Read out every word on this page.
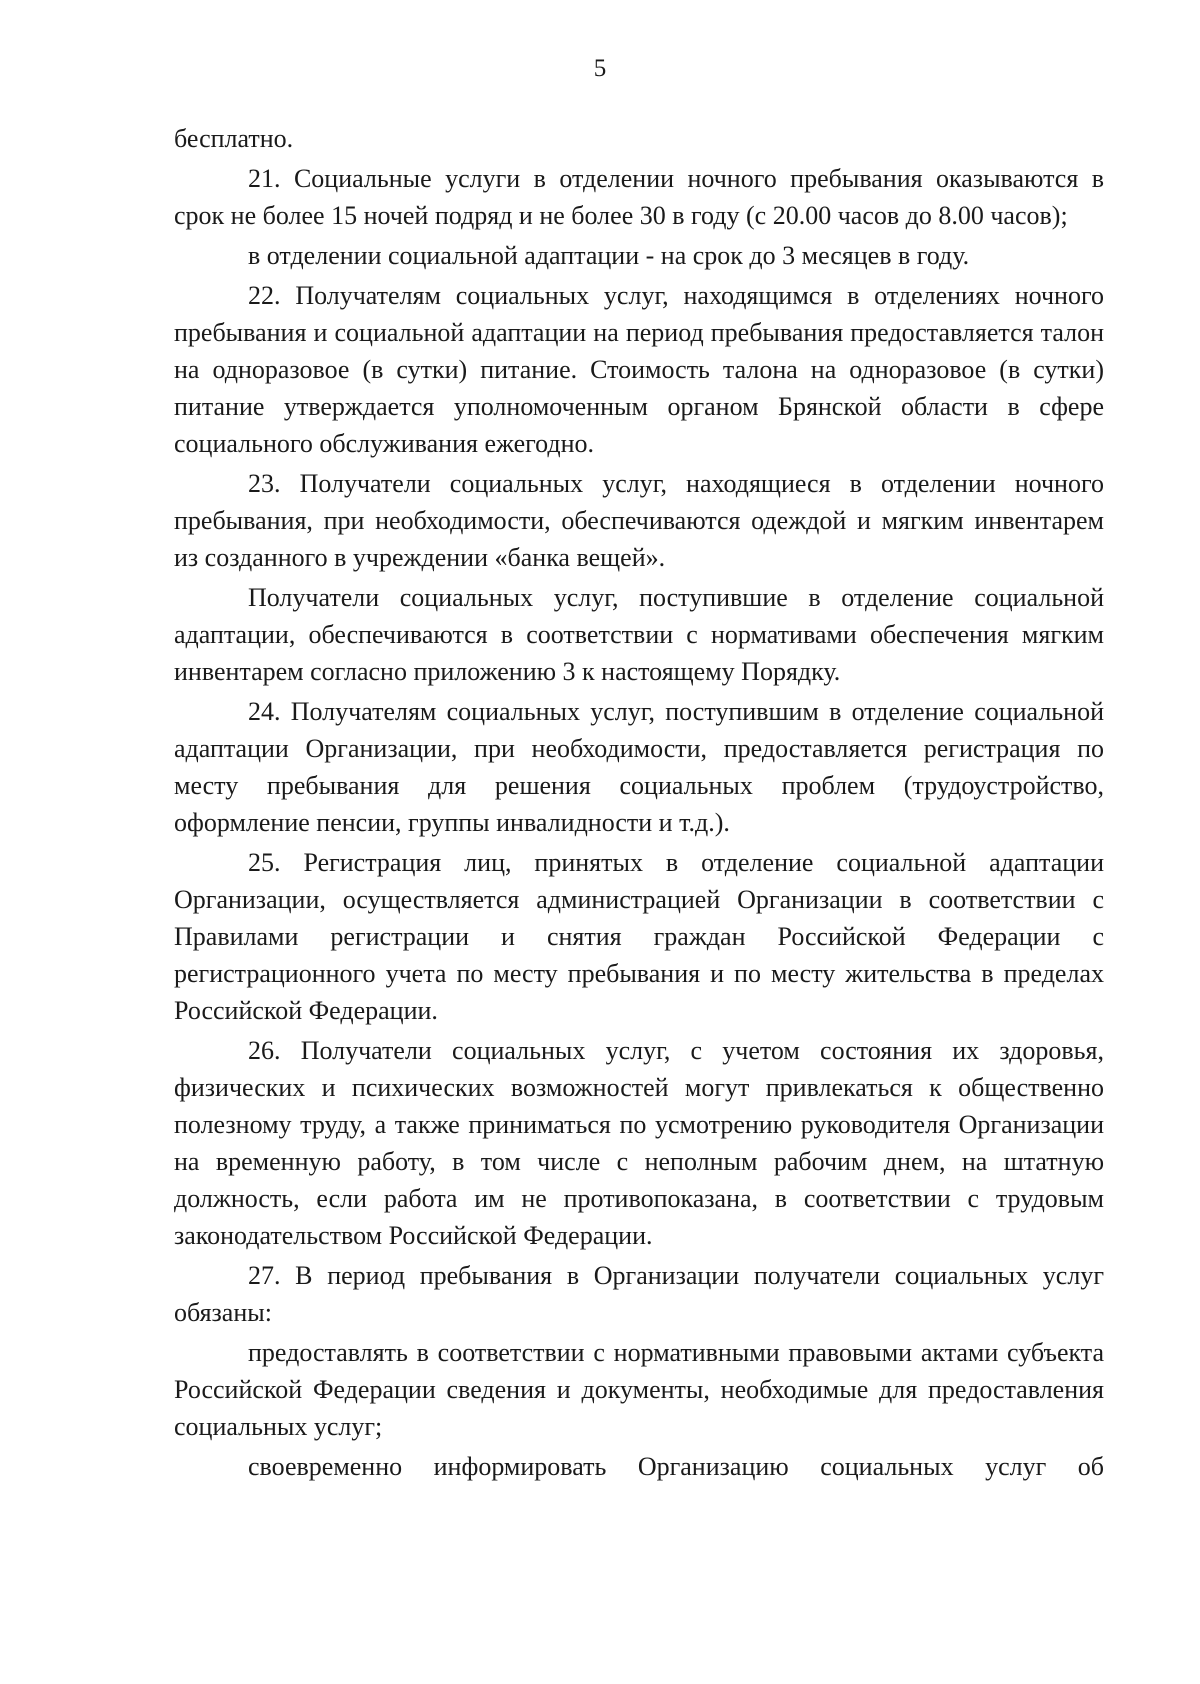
5

бесплатно.

21. Социальные услуги в отделении ночного пребывания оказываются в срок не более 15 ночей подряд и не более 30 в году (с 20.00 часов до 8.00 часов);

в отделении социальной адаптации - на срок до 3 месяцев в году.

22. Получателям социальных услуг, находящимся в отделениях ночного пребывания и социальной адаптации на период пребывания предоставляется талон на одноразовое (в сутки) питание. Стоимость талона на одноразовое (в сутки) питание утверждается уполномоченным органом Брянской области в сфере социального обслуживания ежегодно.

23. Получатели социальных услуг, находящиеся в отделении ночного пребывания, при необходимости, обеспечиваются одеждой и мягким инвентарем из созданного в учреждении «банка вещей».

Получатели социальных услуг, поступившие в отделение социальной адаптации, обеспечиваются в соответствии с нормативами обеспечения мягким инвентарем согласно приложению 3 к настоящему Порядку.

24. Получателям социальных услуг, поступившим в отделение социальной адаптации Организации, при необходимости, предоставляется регистрация по месту пребывания для решения социальных проблем (трудоустройство, оформление пенсии, группы инвалидности и т.д.).

25. Регистрация лиц, принятых в отделение социальной адаптации Организации, осуществляется администрацией Организации в соответствии с Правилами регистрации и снятия граждан Российской Федерации с регистрационного учета по месту пребывания и по месту жительства в пределах Российской Федерации.

26. Получатели социальных услуг, с учетом состояния их здоровья, физических и психических возможностей могут привлекаться к общественно полезному труду, а также приниматься по усмотрению руководителя Организации на временную работу, в том числе с неполным рабочим днем, на штатную должность, если работа им не противопоказана, в соответствии с трудовым законодательством Российской Федерации.

27. В период пребывания в Организации получатели социальных услуг обязаны:

предоставлять в соответствии с нормативными правовыми актами субъекта Российской Федерации сведения и документы, необходимые для предоставления социальных услуг;

своевременно информировать Организацию социальных услуг об
